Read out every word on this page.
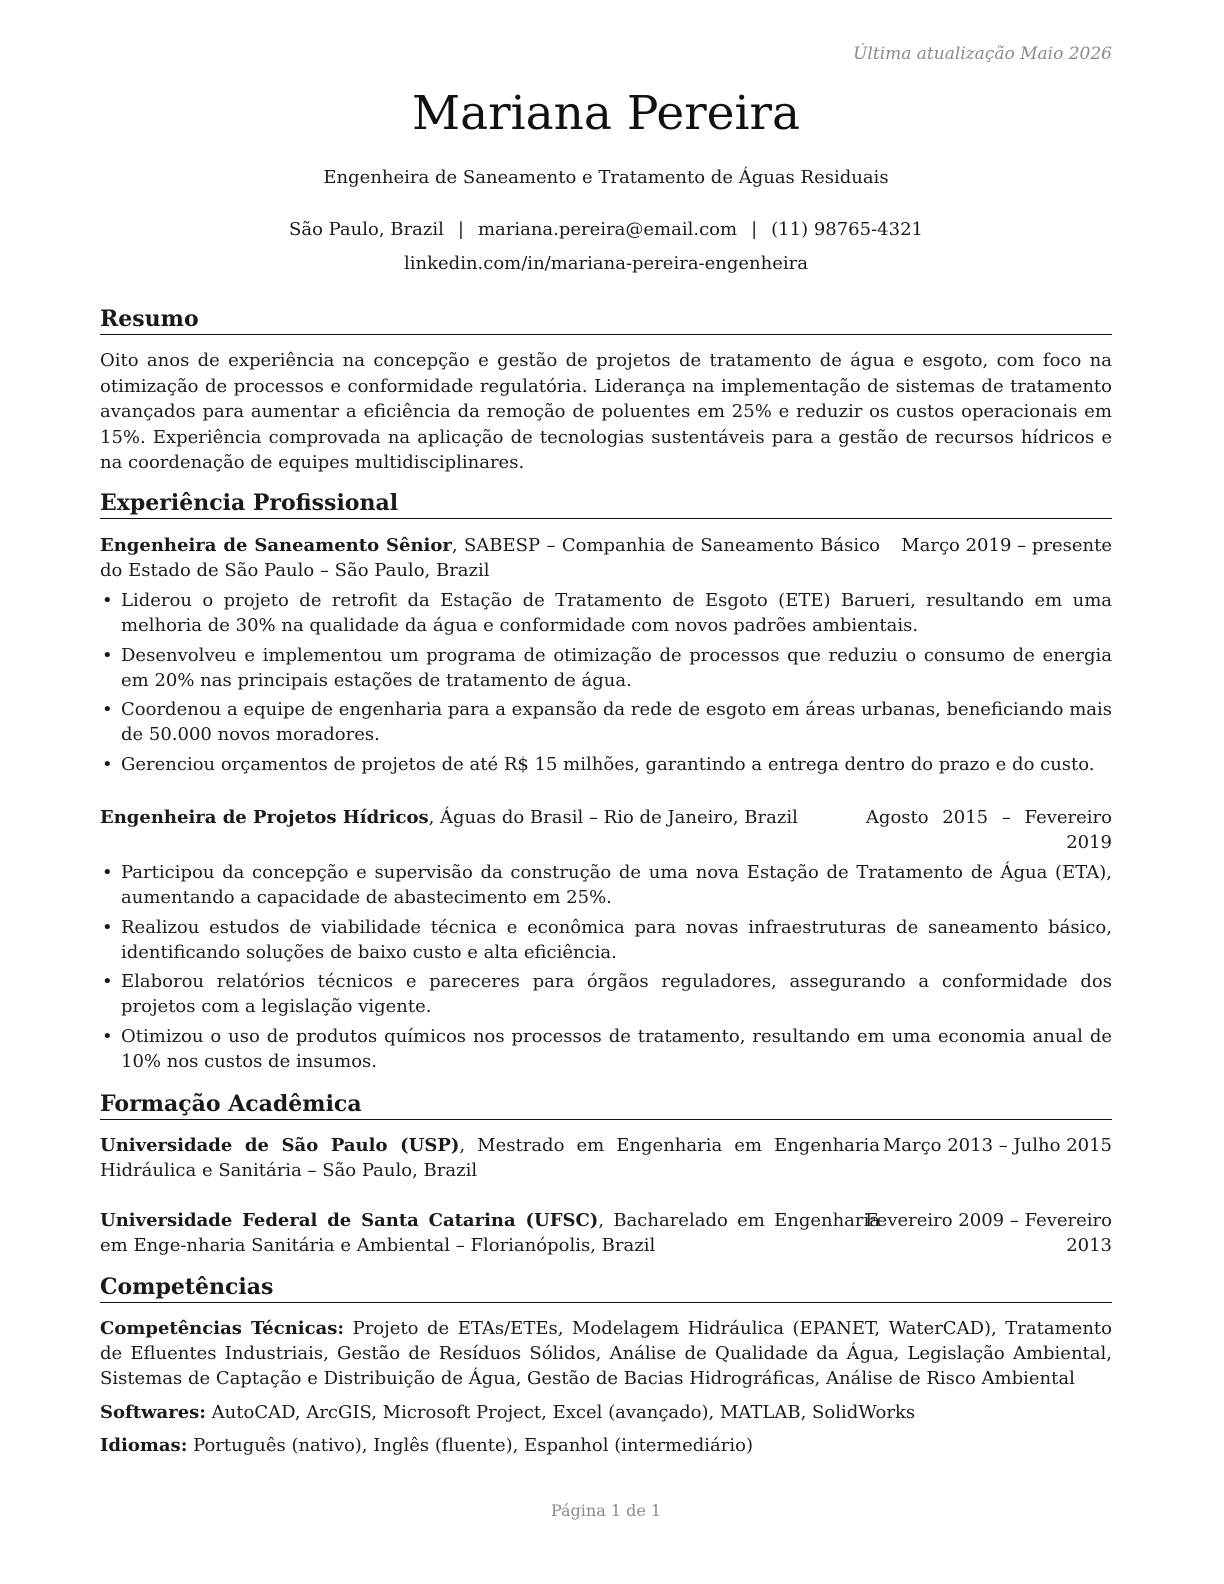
Última atualização Maio 2026
Mariana Pereira
Engenheira de Saneamento e Tratamento de Águas Residuais
São Paulo, Brazil | mariana.pereira@email.com | (11) 98765-4321
linkedin.com/in/mariana-pereira-engenheira
Resumo
Oito anos de experiência na concepção e gestão de projetos de tratamento de água e esgoto, com foco na otimização de processos e conformidade regulatória. Liderança na implementação de sistemas de tratamento avançados para aumentar a eficiência da remoção de poluentes em 25% e reduzir os custos operacionais em 15%. Experiência comprovada na aplicação de tecnologias sustentáveis para a gestão de recursos hídricos e na coordenação de equipes multidisciplinares.
Experiência Profissional
Engenheira de Saneamento Sênior, SABESP – Companhia de Saneamento Básico do Estado de São Paulo – São Paulo, Brazil
Março 2019 – presente
• Liderou o projeto de retrofit da Estação de Tratamento de Esgoto (ETE) Barueri, resultando em uma melhoria de 30% na qualidade da água e conformidade com novos padrões ambientais.
• Desenvolveu e implementou um programa de otimização de processos que reduziu o consumo de energia em 20% nas principais estações de tratamento de água.
• Coordenou a equipe de engenharia para a expansão da rede de esgoto em áreas urbanas, beneficiando mais de 50.000 novos moradores.
• Gerenciou orçamentos de projetos de até R$ 15 milhões, garantindo a entrega dentro do prazo e do custo.
Engenheira de Projetos Hídricos, Águas do Brasil – Rio de Janeiro, Brazil	Agosto 2015 – Fevereiro
2019
• Participou da concepção e supervisão da construção de uma nova Estação de Tratamento de Água (ETA), aumentando a capacidade de abastecimento em 25%.
• Realizou estudos de viabilidade técnica e econômica para novas infraestruturas de saneamento básico, identificando soluções de baixo custo e alta eficiência.
• Elaborou relatórios técnicos e pareceres para órgãos reguladores, assegurando a conformidade dos projetos com a legislação vigente.
• Otimizou o uso de produtos químicos nos processos de tratamento, resultando em uma economia anual de 10% nos custos de insumos.
Formação Acadêmica
Universidade de São Paulo (USP), Mestrado em Engenharia em Engenharia Hidráulica e Sanitária – São Paulo, Brazil
Março 2013 – Julho 2015
Universidade Federal de Santa Catarina (UFSC), Bacharelado em Engenharia em Enge-nharia Sanitária e Ambiental – Florianópolis, Brazil
Fevereiro 2009 – Fevereiro
2013
Competências
Competências Técnicas: Projeto de ETAs/ETEs, Modelagem Hidráulica (EPANET, WaterCAD), Tratamento de Efluentes Industriais, Gestão de Resíduos Sólidos, Análise de Qualidade da Água, Legislação Ambiental, Sistemas de Captação e Distribuição de Água, Gestão de Bacias Hidrográficas, Análise de Risco Ambiental
Softwares: AutoCAD, ArcGIS, Microsoft Project, Excel (avançado), MATLAB, SolidWorks
Idiomas: Português (nativo), Inglês (fluente), Espanhol (intermediário)
Página 1 de 1
